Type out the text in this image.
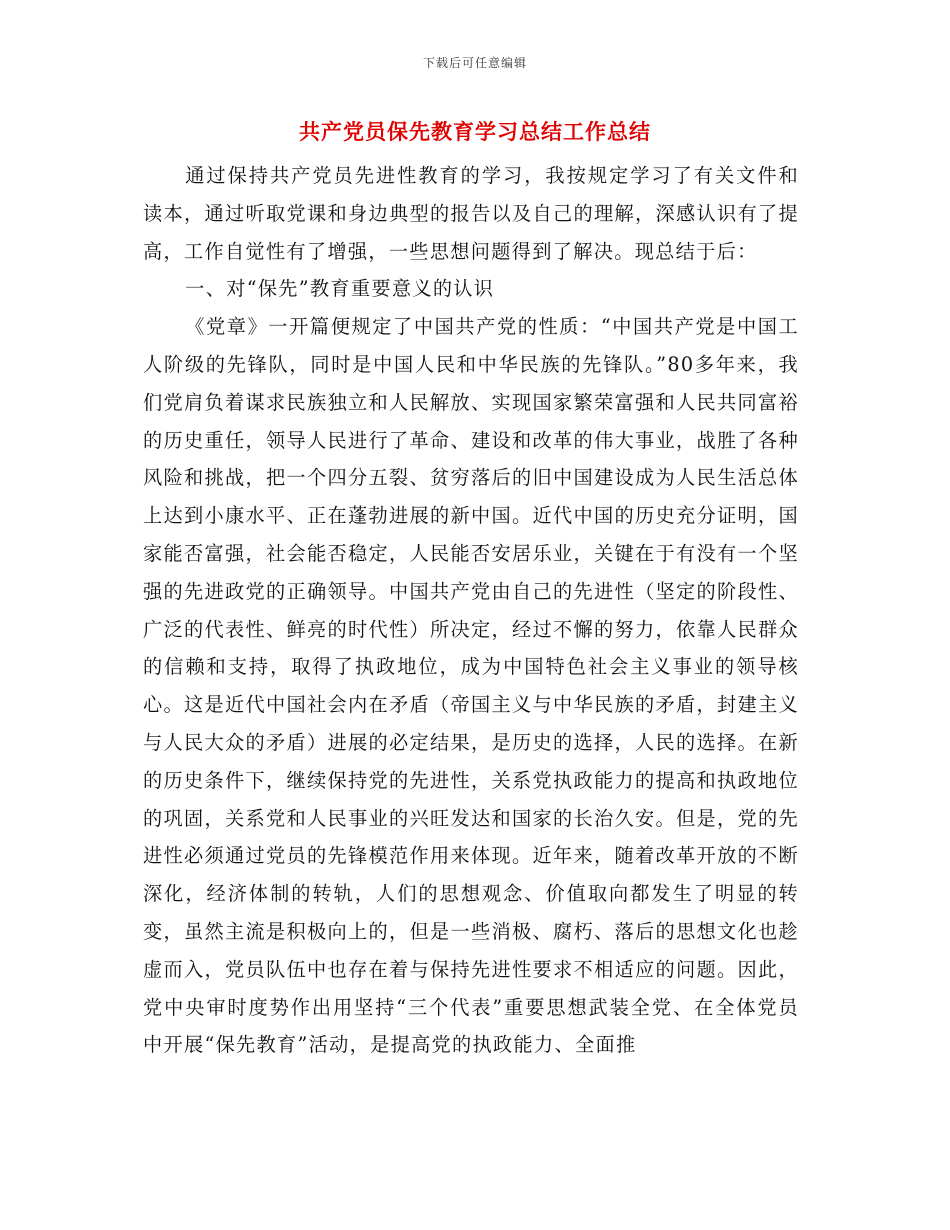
下载后可任意编辑
共产党员保先教育学习总结工作总结

通过保持共产党员先进性教育的学习，我按规定学习了有关文件和读本，通过听取党课和身边典型的报告以及自己的理解，深感认识有了提高，工作自觉性有了增强，一些思想问题得到了解决。现总结于后：

一、对“保先”教育重要意义的认识

《党章》一开篇便规定了中国共产党的性质：“中国共产党是中国工人阶级的先锋队，同时是中国人民和中华民族的先锋队。”80多年来，我们党肩负着谋求民族独立和人民解放、实现国家繁荣富强和人民共同富裕的历史重任，领导人民进行了革命、建设和改革的伟大事业，战胜了各种风险和挑战，把一个四分五裂、贫穷落后的旧中国建设成为人民生活总体上达到小康水平、正在蓬勃进展的新中国。近代中国的历史充分证明，国家能否富强，社会能否稳定，人民能否安居乐业，关键在于有没有一个坚强的先进政党的正确领导。中国共产党由自己的先进性（坚定的阶段性、广泛的代表性、鲜亮的时代性）所决定，经过不懈的努力，依靠人民群众的信赖和支持，取得了执政地位，成为中国特色社会主义事业的领导核心。这是近代中国社会内在矛盾（帝国主义与中华民族的矛盾，封建主义与人民大众的矛盾）进展的必定结果，是历史的选择，人民的选择。在新的历史条件下，继续保持党的先进性，关系党执政能力的提高和执政地位的巩固，关系党和人民事业的兴旺发达和国家的长治久安。但是，党的先进性必须通过党员的先锋模范作用来体现。近年来，随着改革开放的不断深化，经济体制的转轨，人们的思想观念、价值取向都发生了明显的转变，虽然主流是积极向上的，但是一些消极、腐朽、落后的思想文化也趁虚而入，党员队伍中也存在着与保持先进性要求不相适应的问题。因此，党中央审时度势作出用坚持“三个代表”重要思想武装全党、在全体党员中开展“保先教育”活动，是提高党的执政能力、全面推
